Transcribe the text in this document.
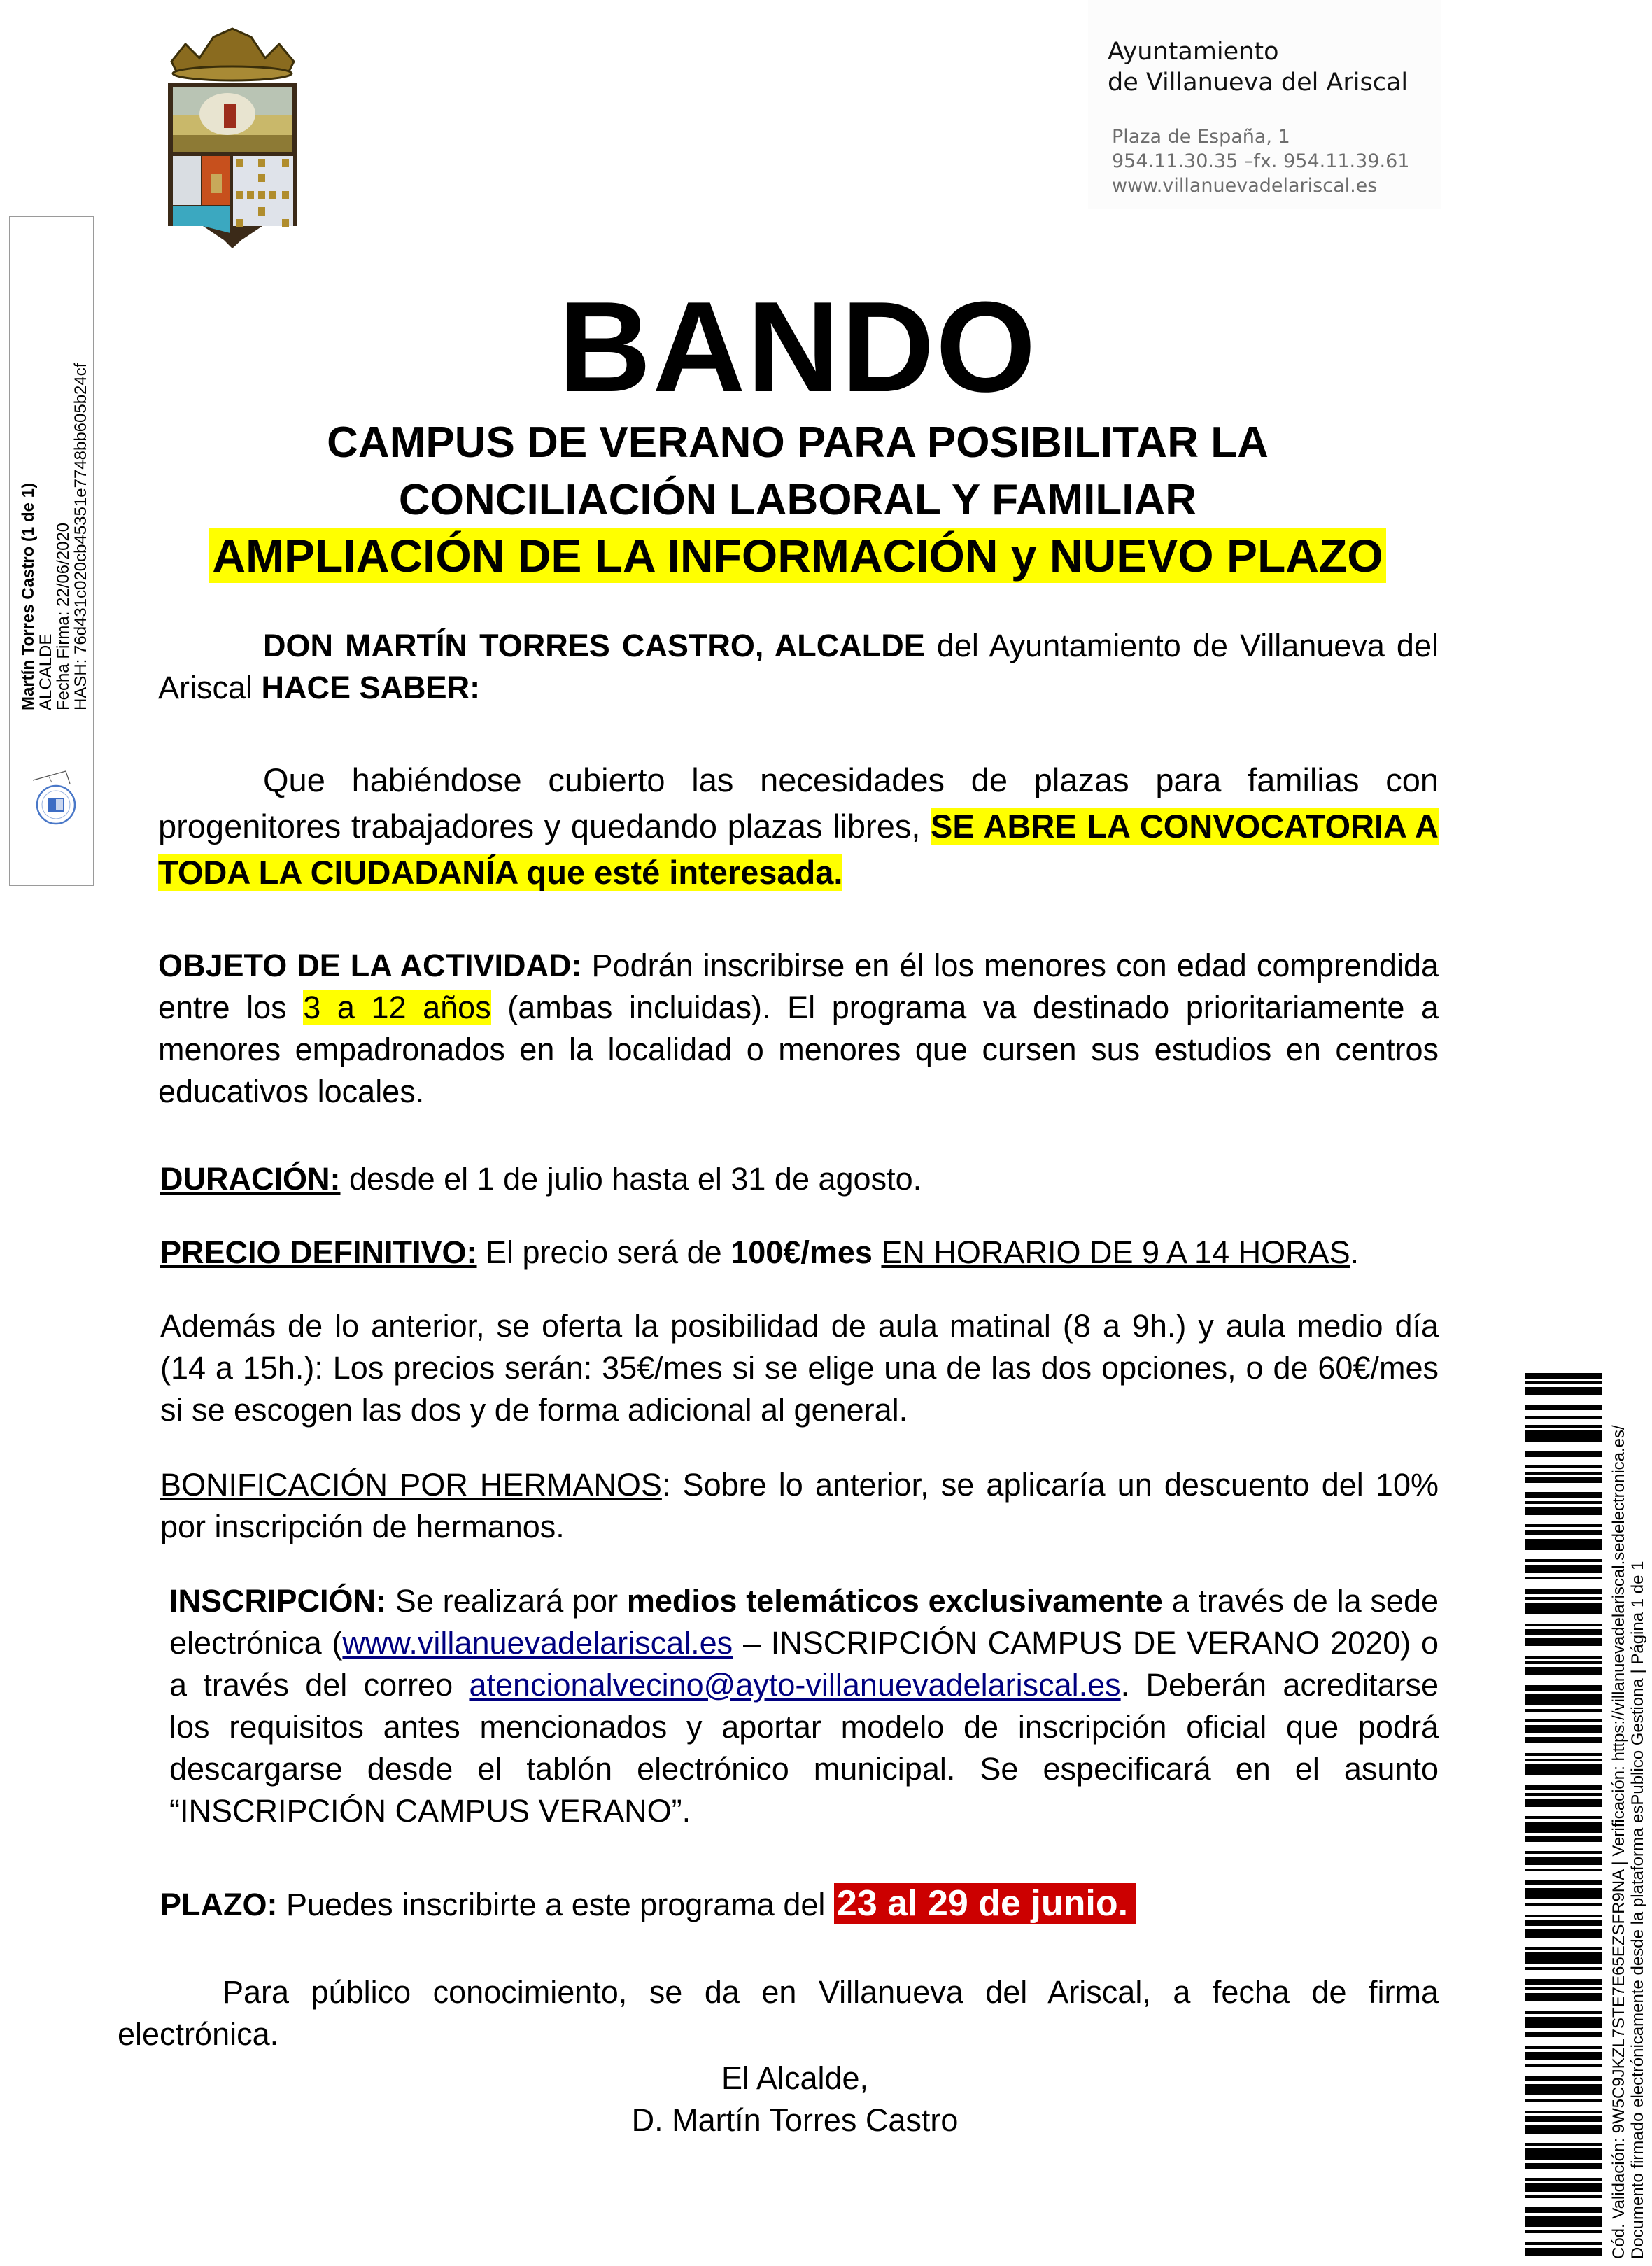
Ayuntamiento
de Villanueva del Ariscal
Plaza de España, 1
954.11.30.35 –fx. 954.11.39.61
www.villanuevadelariscal.es
Martín Torres Castro (1 de 1)
ALCALDE
Fecha Firma: 22/06/2020
HASH: 76d431c020cb45351e7748bb605b24cf
Cód. Validación: 9W5C9JKZL7STE7E65EZSFR9NA | Verificación: https://villanuevadelariscal.sedelectronica.es/ Documento firmado electrónicamente desde la plataforma esPublico Gestiona | Página 1 de 1
BANDO
CAMPUS DE VERANO PARA POSIBILITAR LA
CONCILIACIÓN LABORAL Y FAMILIAR
AMPLIACIÓN DE LA INFORMACIÓN y NUEVO PLAZO
DON MARTÍN TORRES CASTRO, ALCALDE del Ayuntamiento de Villanueva del Ariscal HACE SABER:
Que habiéndose cubierto las necesidades de plazas para familias con progenitores trabajadores y quedando plazas libres, SE ABRE LA CONVOCATORIA A TODA LA CIUDADANÍA que esté interesada.
OBJETO DE LA ACTIVIDAD: Podrán inscribirse en él los menores con edad comprendida entre los 3 a 12 años (ambas incluidas). El programa va destinado prioritariamente a menores empadronados en la localidad o menores que cursen sus estudios en centros educativos locales.
DURACIÓN: desde el 1 de julio hasta el 31 de agosto.
PRECIO DEFINITIVO: El precio será de 100€/mes EN HORARIO DE 9 A 14 HORAS.
Además de lo anterior, se oferta la posibilidad de aula matinal (8 a 9h.) y aula medio día (14 a 15h.): Los precios serán: 35€/mes si se elige una de las dos opciones, o de 60€/mes si se escogen las dos y de forma adicional al general.
BONIFICACIÓN POR HERMANOS: Sobre lo anterior, se aplicaría un descuento del 10% por inscripción de hermanos.
INSCRIPCIÓN: Se realizará por medios telemáticos exclusivamente a través de la sede electrónica (www.villanuevadelariscal.es – INSCRIPCIÓN CAMPUS DE VERANO 2020) o a través del correo atencionalvecino@ayto-villanuevadelariscal.es. Deberán acreditarse los requisitos antes mencionados y aportar modelo de inscripción oficial que podrá descargarse desde el tablón electrónico municipal. Se especificará en el asunto “INSCRIPCIÓN CAMPUS VERANO”.
PLAZO: Puedes inscribirte a este programa del 23 al 29 de junio.
Para público conocimiento, se da en Villanueva del Ariscal, a fecha de firma electrónica.
El Alcalde,
D. Martín Torres Castro
